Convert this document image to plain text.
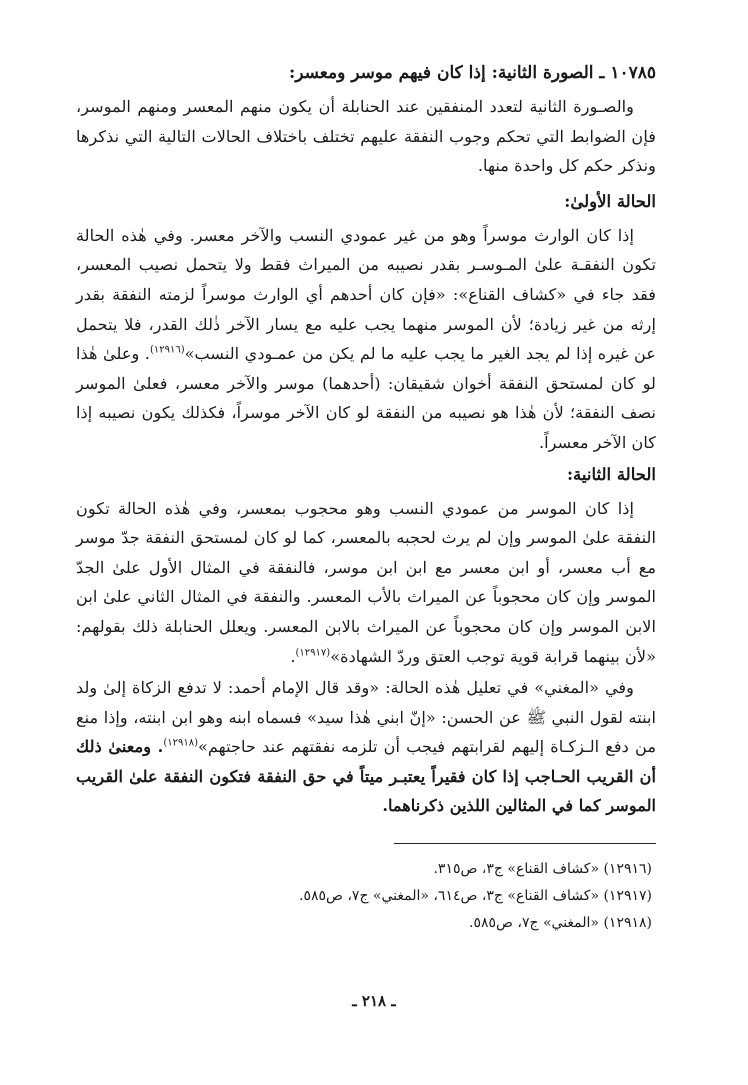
١٠٧٨٥ ـ الصورة الثانية: إذا كان فيهم موسر ومعسر:

والصـورة الثانية لتعدد المنفقين عند الحنابلة أن يكون منهم المعسر ومنهم الموسر، فإن الضوابط التي تحكم وجوب النفقة عليهم تختلف باختلاف الحالات التالية التي نذكرها ونذكر حكم كل واحدة منها.

الحالة الأولىٰ:

إذا كان الوارث موسراً وهو من غير عمودي النسب والآخر معسر. وفي هٰذه الحالة تكون النفقـة علىٰ المـوسـر بقدر نصيبه من الميراث فقط ولا يتحمل نصيب المعسر، فقد جاء في «كشاف القناع»: «فإن كان أحدهم أي الوارث موسراً لزمته النفقة بقدر إرثه من غير زيادة؛ لأن الموسر منهما يجب عليه مع يسار الآخر ذٰلك القدر، فلا يتحمل عن غيره إذا لم يجد الغير ما يجب عليه ما لم يكن من عمـودي النسب»$^{(١٢٩١٦)}$. وعلىٰ هٰذا لو كان لمستحق النفقة أخوان شقيقان: (أحدهما) موسر والآخر معسر، فعلىٰ الموسر نصف النفقة؛ لأن هٰذا هو نصيبه من النفقة لو كان الآخر موسراً، فكذلك يكون نصيبه إذا كان الآخر معسراً.

الحالة الثانية:

إذا كان الموسر من عمودي النسب وهو محجوب بمعسر، وفي هٰذه الحالة تكون النفقة علىٰ الموسر وإن لم يرث لحجبه بالمعسر، كما لو كان لمستحق النفقة جدّ موسر مع أب معسر، أو ابن معسر مع ابن ابن موسر، فالنفقة في المثال الأول علىٰ الجدّ الموسر وإن كان محجوباً عن الميراث بالأب المعسر. والنفقة في المثال الثاني علىٰ ابن الابن الموسر وإن كان محجوباً عن الميراث بالابن المعسر. ويعلل الحنابلة ذلك بقولهم: «لأن بينهما قرابة قوية توجب العتق وردّ الشهادة»$^{(١٢٩١٧)}$.

وفي «المغني» في تعليل هٰذه الحالة: «وقد قال الإمام أحمد: لا تدفع الزكاة إلىٰ ولد ابنته لقول النبي ﷺ عن الحسن: «إنّ ابني هٰذا سيد» فسماه ابنه وهو ابن ابنته، وإذا منع من دفع الـزكـاة إليهم لقرابتهم فيجب أن تلزمه نفقتهم عند حاجتهم»$^{(١٢٩١٨)}$. ومعنىٰ ذلك أن القريب الحـاجب إذا كان فقيراً يعتبـر ميتاً في حق النفقة فتكون النفقة علىٰ القريب الموسر كما في المثالين اللذين ذكرناهما.

(١٢٩١٦) «كشاف القناع» ج٣، ص٣١٥.

(١٢٩١٧) «كشاف القناع» ج٣، ص٦١٤، «المغني» ج٧، ص٥٨٥.

(١٢٩١٨) «المغني» ج٧، ص٥٨٥.

ـ ٢١٨ ـ
